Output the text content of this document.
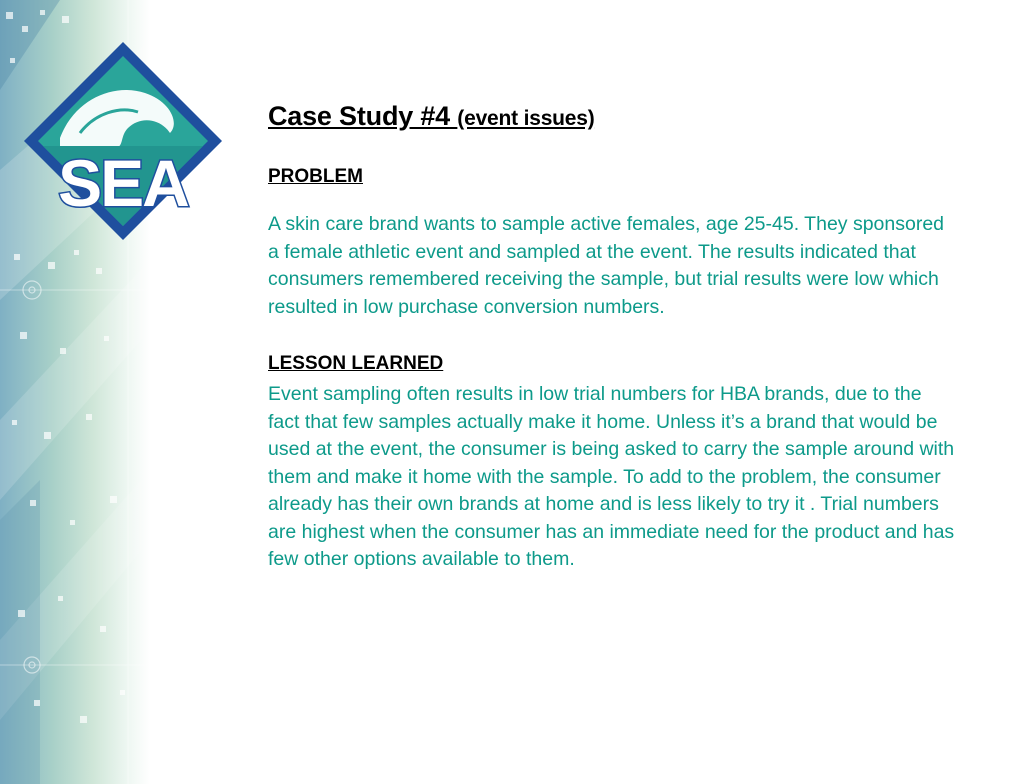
SEA
Case Study #4 (event issues)
PROBLEM

A skin care brand wants to sample active females, age 25-45. They sponsored a female athletic event and sampled at the event. The results indicated that consumers remembered receiving the sample, but trial results were low which resulted in low purchase conversion numbers.

LESSON LEARNED

Event sampling often results in low trial numbers for HBA brands, due to the fact that few samples actually make it home. Unless it’s a brand that would be used at the event, the consumer is being asked to carry the sample around with them and make it home with the sample. To add to the problem, the consumer already has their own brands at home and is less likely to try it . Trial numbers are highest when the consumer has an immediate need for the product and has few other options available to them.
